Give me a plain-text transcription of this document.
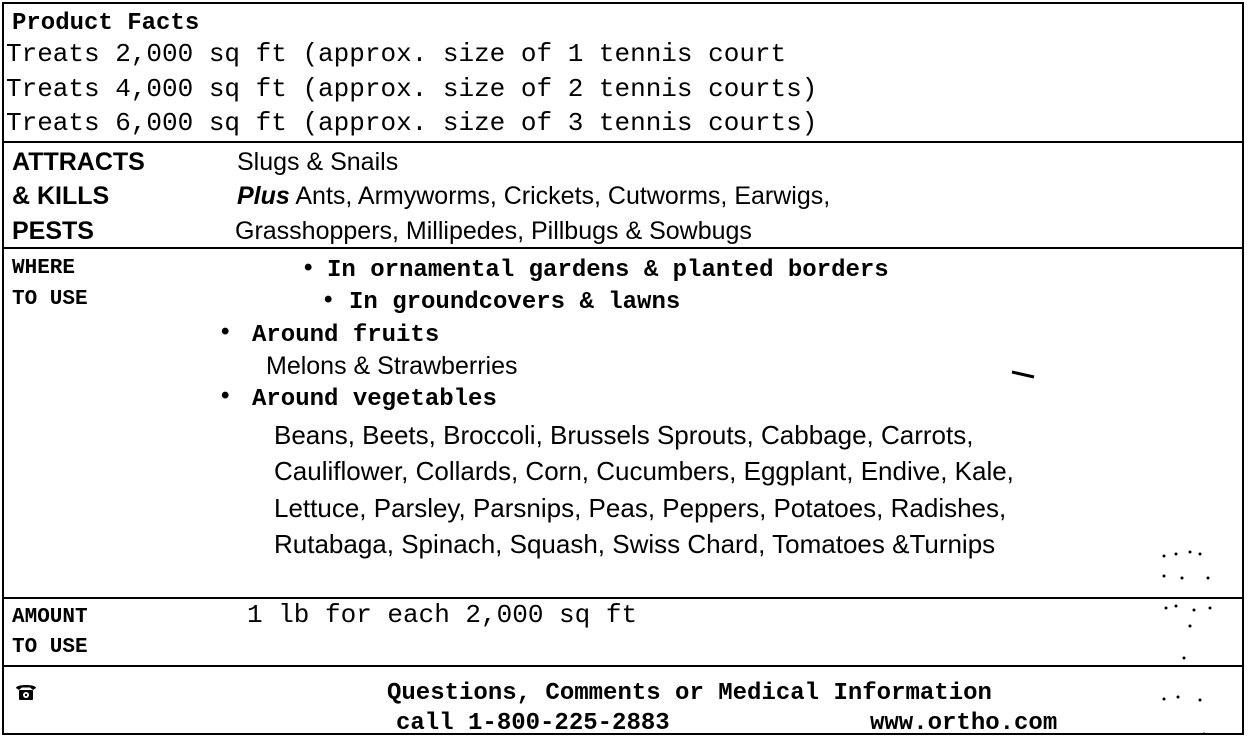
Product Facts
Treats 2,000 sq ft (approx. size of 1 tennis court
Treats 4,000 sq ft (approx. size of 2 tennis courts)
Treats 6,000 sq ft (approx. size of 3 tennis courts)
ATTRACTS
& KILLS
PESTS
Slugs & Snails
Plus Ants, Armyworms, Crickets, Cutworms, Earwigs,
Grasshoppers, Millipedes, Pillbugs & Sowbugs
WHERE
TO USE
• In ornamental gardens & planted borders
• In groundcovers & lawns
• Around fruits
Melons & Strawberries
• Around vegetables
Beans, Beets, Broccoli, Brussels Sprouts, Cabbage, Carrots,
Cauliflower, Collards, Corn, Cucumbers, Eggplant, Endive, Kale,
Lettuce, Parsley, Parsnips, Peas, Peppers, Potatoes, Radishes,
Rutabaga, Spinach, Squash, Swiss Chard, Tomatoes &Turnips
AMOUNT
TO USE
1 lb for each 2,000 sq ft
Questions, Comments or Medical Information
call 1-800-225-2883	www.ortho.com
